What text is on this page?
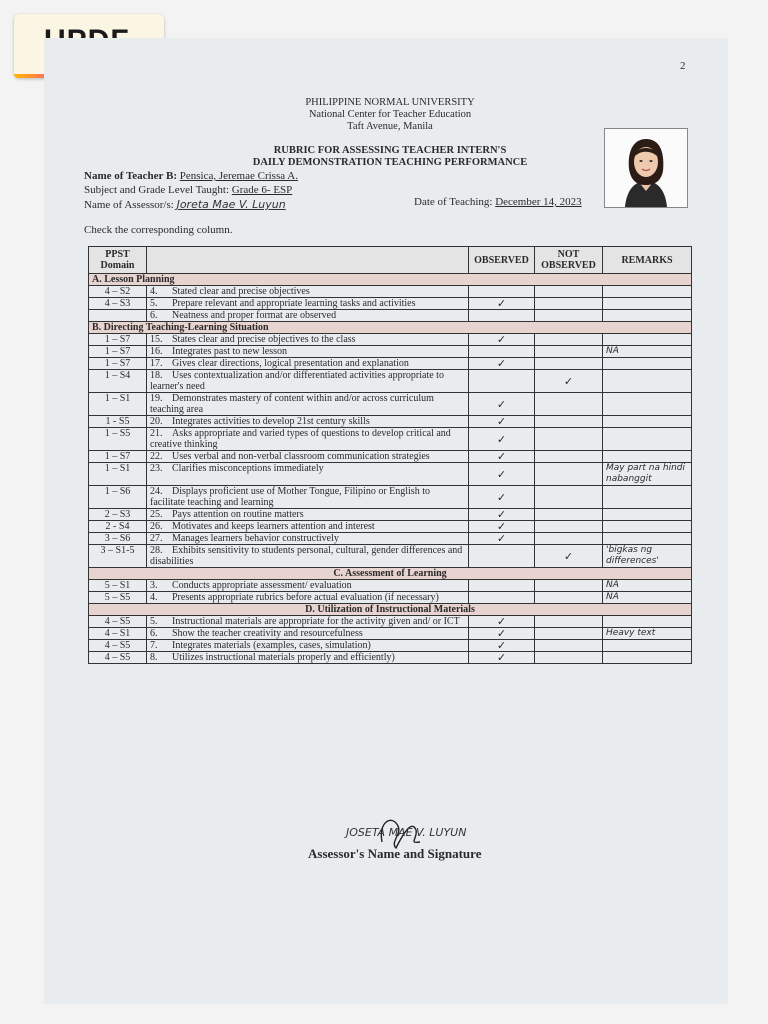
2
PHILIPPINE NORMAL UNIVERSITY
National Center for Teacher Education
Taft Avenue, Manila
RUBRIC FOR ASSESSING TEACHER INTERN'S
DAILY DEMONSTRATION TEACHING PERFORMANCE
Name of Teacher B: Pensica, Jeremae Crissa A.
Subject and Grade Level Taught: Grade 6- ESP
Name of Assessor/s: Joreta Mae V. Luyun	Date of Teaching: December 14, 2023
Check the corresponding column.
PPST Domain		OBSERVED	NOT OBSERVED	REMARKS
A. Lesson Planning				
4 – S2	4. Stated clear and precise objectives			
4 – S3	5. Prepare relevant and appropriate learning tasks and activities	✓		
	6. Neatness and proper format are observed			
B. Directing Teaching-Learning Situation				
1 – S7	15. States clear and precise objectives to the class	✓		
1 – S7	16. Integrates past to new lesson			NA
1 – S7	17. Gives clear directions, logical presentation and explanation	✓		
1 – S4	18. Uses contextualization and/or differentiated activities appropriate to learner's need		✓	
1 – S1	19. Demonstrates mastery of content within and/or across curriculum teaching area	✓		
1 - S5	20. Integrates activities to develop 21st century skills	✓		
1 – S5	21. Asks appropriate and varied types of questions to develop critical and creative thinking	✓		
1 – S7	22. Uses verbal and non-verbal classroom communication strategies	✓		
1 – S1	23. Clarifies misconceptions immediately	✓		May part na hindi nabanggit
1 – S6	24. Displays proficient use of Mother Tongue, Filipino or English to facilitate teaching and learning	✓		
2 – S3	25. Pays attention on routine matters	✓		
2 - S4	26. Motivates and keeps learners attention and interest	✓		
3 – S6	27. Manages learners behavior constructively	✓		
3 – S1-5	28. Exhibits sensitivity to students personal, cultural, gender differences and disabilities		✓	'bigkas ng differences'
C. Assessment of Learning				
5 – S1	3. Conducts appropriate assessment/ evaluation			NA
5 – S5	4. Presents appropriate rubrics before actual evaluation (if necessary)			NA
D. Utilization of Instructional Materials				
4 – S5	5. Instructional materials are appropriate for the activity given and/ or ICT	✓		
4 – S1	6. Show the teacher creativity and resourcefulness	✓		Heavy text
4 – S5	7. Integrates materials (examples, cases, simulation)	✓		
4 – S5	8. Utilizes instructional materials properly and efficiently)	✓		
JOSETA MAE V. LUYUN
Assessor's Name and Signature
